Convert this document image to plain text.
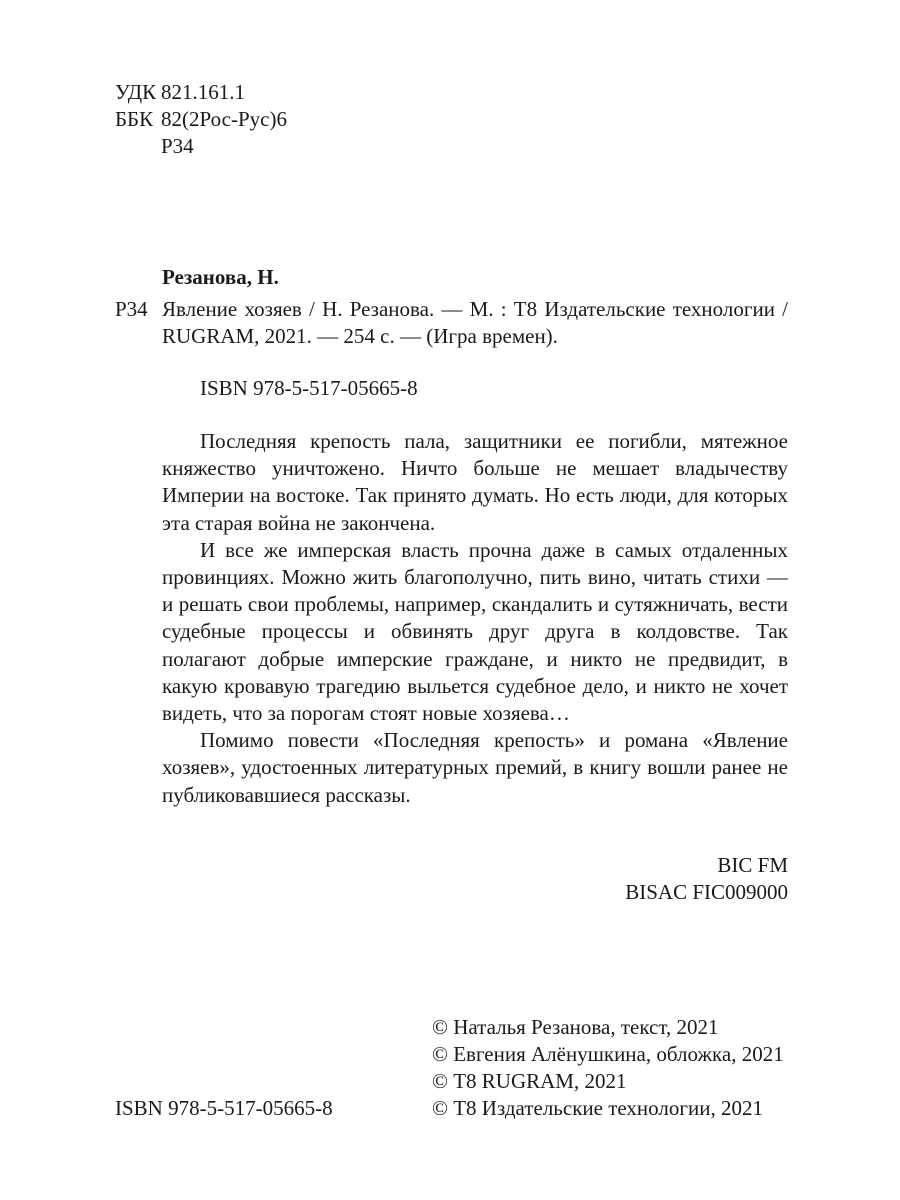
УДК 821.161.1
ББК 82(2Рос-Рус)6
Р34
Резанова, Н.
Р34 Явление хозяев / Н. Резанова. — М. : Т8 Издательские технологии / RUGRAM, 2021. — 254 с. — (Игра времен).
ISBN 978-5-517-05665-8

Последняя крепость пала, защитники ее погибли, мятежное княжество уничтожено. Ничто больше не мешает владычеству Империи на востоке. Так принято думать. Но есть люди, для которых эта старая война не закончена.

И все же имперская власть прочна даже в самых отдаленных провинциях. Можно жить благополучно, пить вино, читать стихи — и решать свои проблемы, например, скандалить и сутяжничать, вести судебные процессы и обвинять друг друга в колдовстве. Так полагают добрые имперские граждане, и никто не предвидит, в какую кровавую трагедию выльется судебное дело, и никто не хочет видеть, что за порогам стоят новые хозяева…

Помимо повести «Последняя крепость» и романа «Явление хозяев», удостоенных литературных премий, в книгу вошли ранее не публиковавшиеся рассказы.

BIC FM
BISAC FIC009000
© Наталья Резанова, текст, 2021
© Евгения Алёнушкина, обложка, 2021
© Т8 RUGRAM, 2021
© Т8 Издательские технологии, 2021
ISBN 978-5-517-05665-8
